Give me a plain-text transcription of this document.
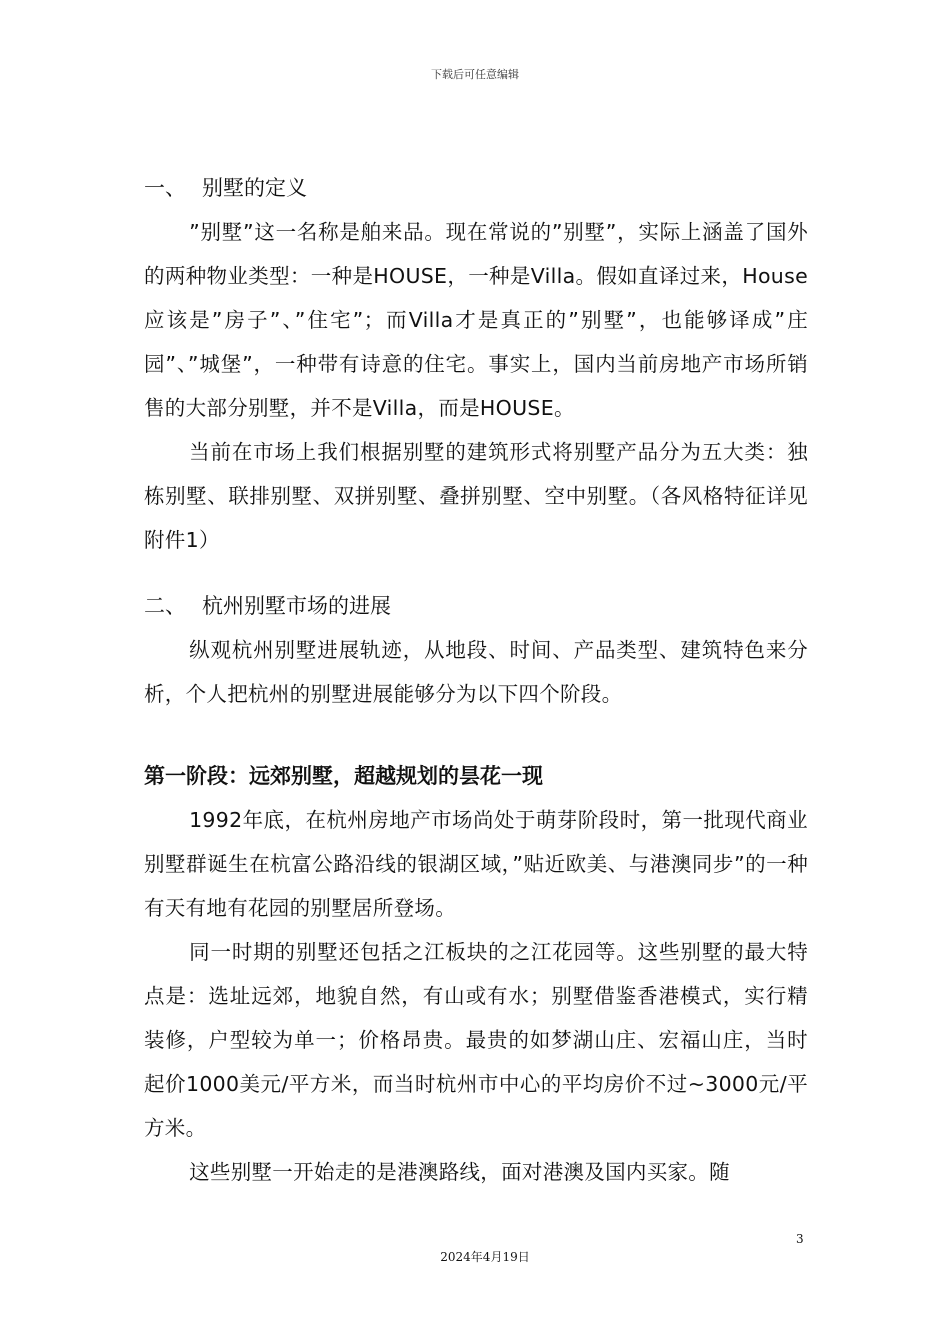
下载后可任意编辑
一、 别墅的定义

”别墅”这一名称是舶来品。现在常说的”别墅”，实际上涵盖了国外的两种物业类型：一种是HOUSE，一种是Villa。假如直译过来，House应该是”房子”、”住宅”；而Villa才是真正的”别墅”，也能够译成”庄园”、”城堡”，一种带有诗意的住宅。事实上，国内当前房地产市场所销售的大部分别墅，并不是Villa，而是HOUSE。

当前在市场上我们根据别墅的建筑形式将别墅产品分为五大类：独栋别墅、联排别墅、双拼别墅、叠拼别墅、空中别墅。（各风格特征详见附件1）

二、 杭州别墅市场的进展

纵观杭州别墅进展轨迹，从地段、时间、产品类型、建筑特色来分析，个人把杭州的别墅进展能够分为以下四个阶段。

第一阶段：远郊别墅，超越规划的昙花一现

1992年底，在杭州房地产市场尚处于萌芽阶段时，第一批现代商业别墅群诞生在杭富公路沿线的银湖区域，”贴近欧美、与港澳同步”的一种有天有地有花园的别墅居所登场。

同一时期的别墅还包括之江板块的之江花园等。这些别墅的最大特点是：选址远郊，地貌自然，有山或有水；别墅借鉴香港模式，实行精装修，户型较为单一；价格昂贵。最贵的如梦湖山庄、宏福山庄，当时起价1000美元/平方米，而当时杭州市中心的平均房价不过~3000元/平方米。

这些别墅一开始走的是港澳路线，面对港澳及国内买家。随

3
2024年4月19日
